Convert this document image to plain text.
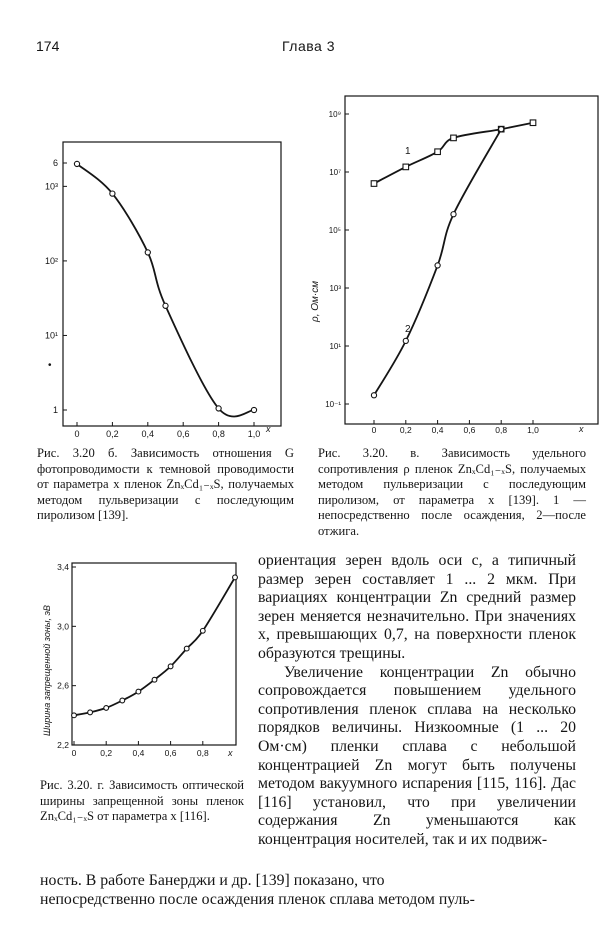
174	Глава 3
0	0,2	0,4	0,6	0,8	1,0
1
10¹
10²
10³
6
•
x
Рис. 3.20 б. Зависимость отношения G фотопроводимости к темновой проводимости от параметра x пленок ZnₓCd₁₋ₓS, получаемых методом пульверизации с последующим пиролизом [139].
0	0,2 0,4 0,6 0,8 1,0
10⁻¹
10¹
10³
10⁵
10⁷
10⁹
1
2
ρ, Ом·см
x
Рис. 3.20. в. Зависимость удельного сопротивления ρ пленок ZnₓCd₁₋ₓS, получаемых методом пульверизации с последующим пиролизом, от параметра x [139]. 1 — непосредственно после осаждения, 2—после отжига.
0	0,2 0,4 0,6 0,8
2,2
2,6
3,0
3,4
Ширина запрещенной зоны, эВ
x
Рис. 3.20. г. Зависимость оптической ширины запрещенной зоны пленок ZnₓCd₁₋ₓS от параметра x [116].

ориентация зерен вдоль оси c, а типичный размер зерен составляет 1 ... 2 мкм. При вариациях концентрации Zn средний размер зерен меняется незначительно. При значениях x, превышающих 0,7, на поверхности пленок образуются трещины.

Увеличение концентрации Zn обычно сопровождается повышением удельного сопротивления пленок сплава на несколько порядков величины. Низкоомные (1 ... 20 Ом·см) пленки сплава с небольшой концентрацией Zn могут быть получены методом вакуумного испарения [115, 116]. Дас [116] установил, что при увеличении содержания Zn уменьшаются как концентрация носителей, так и их подвиж-

ность. В работе Банерджи и др. [139] показано, что
непосредственно после осаждения пленок сплава методом пуль-
